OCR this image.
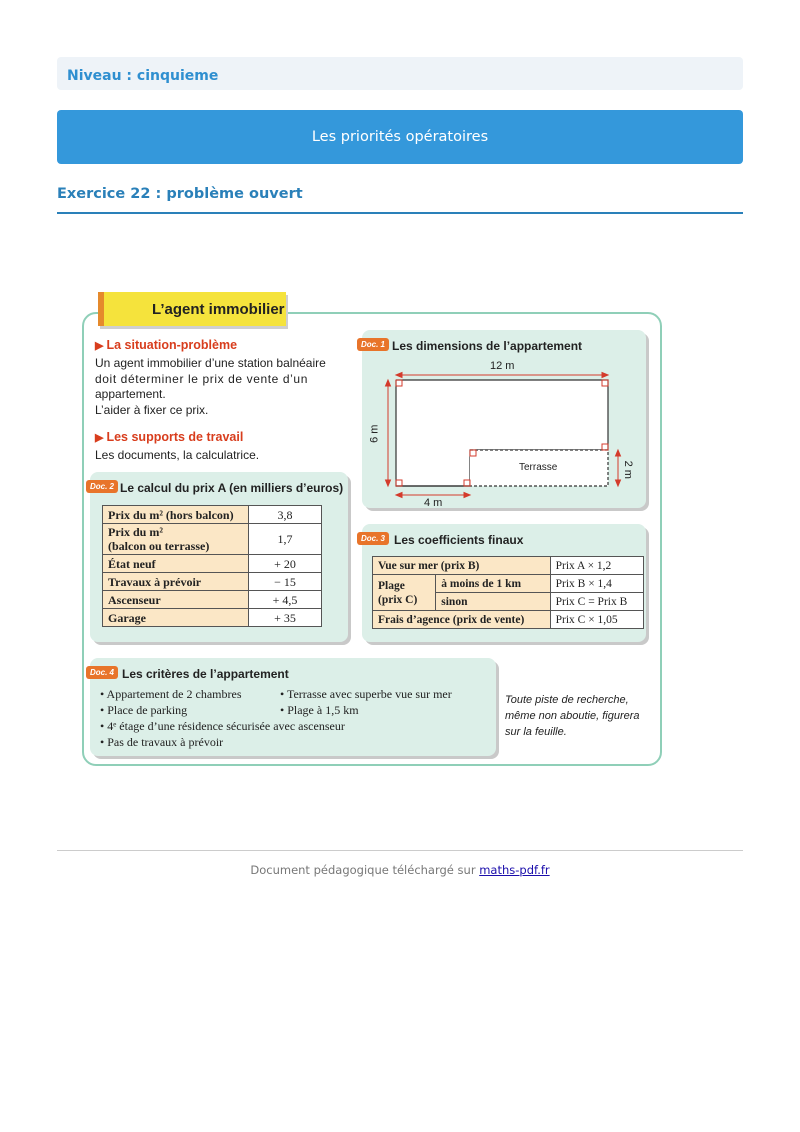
Niveau : cinquieme
Les priorités opératoires
Exercice 22 : problème ouvert
L’agent immobilier
▶ La situation-problème
Un agent immobilier d’une station balnéaire
doit déterminer le prix de vente d’un
appartement.
L’aider à fixer ce prix.
▶ Les supports de travail
Les documents, la calculatrice.
Doc. 1 Les dimensions de l’appartement
12 m
6 m
4 m
2 m
Terrasse
Doc. 2 Le calcul du prix A (en milliers d’euros)
Prix du m² (hors balcon)	3,8

Prix du m²
(balcon ou terrasse)	1,7
État neuf	+ 20
Travaux à prévoir	− 15
Ascenseur	+ 4,5
Garage	+ 35
Doc. 3 Les coefficients finaux
Vue sur mer (prix B)		Prix A × 1,2

Plage
(prix C)	à moins de 1 km	Prix B × 1,4
	sinon	Prix C = Prix B
Frais d’agence (prix de vente)		Prix C × 1,05
Doc. 4 Les critères de l’appartement
• Appartement de 2 chambres
• Place de parking
• 4ᵉ étage d’une résidence sécurisée avec ascenseur
• Pas de travaux à prévoir
• Terrasse avec superbe vue sur mer
• Plage à 1,5 km
Toute piste de recherche,
même non aboutie, figurera
sur la feuille.
Document pédagogique téléchargé sur maths-pdf.fr
